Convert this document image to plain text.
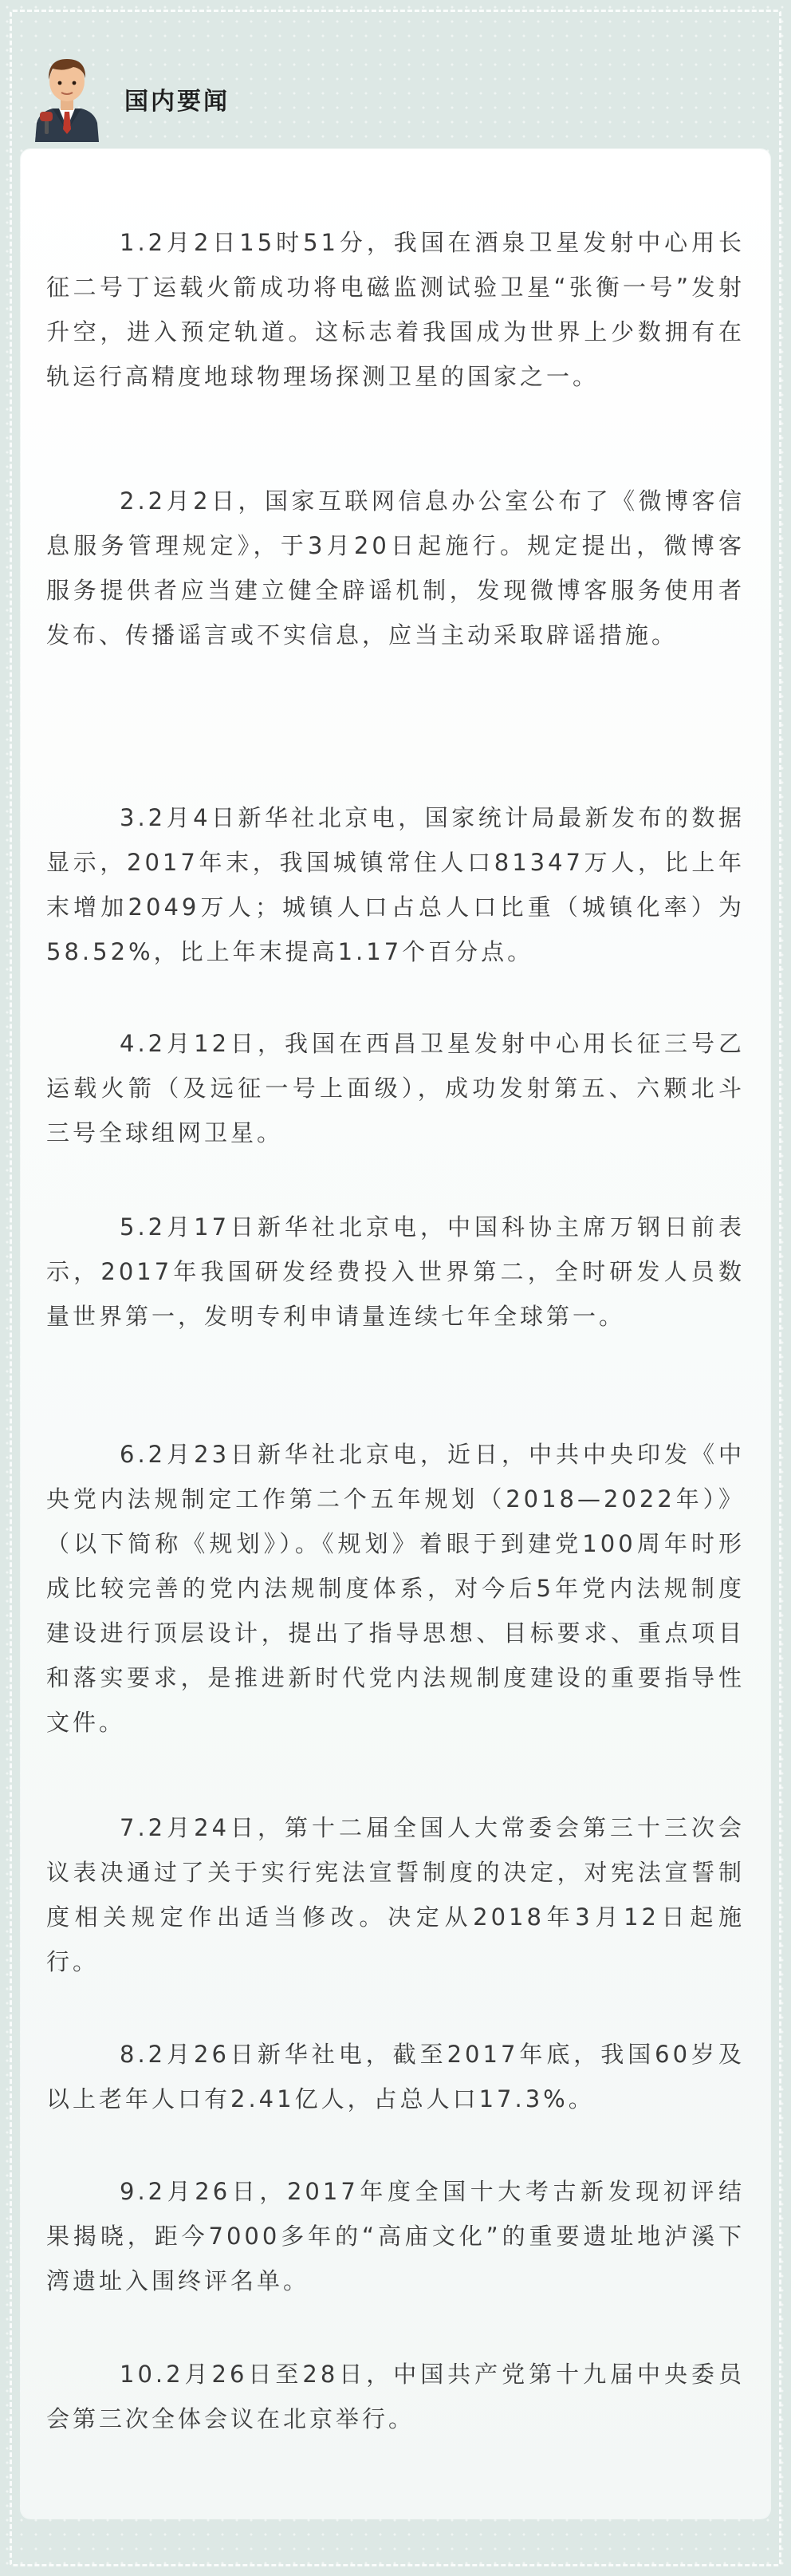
国内要闻

1.2月2日15时51分，我国在酒泉卫星发射中心用长征二号丁运载火箭成功将电磁监测试验卫星“张衡一号”发射升空，进入预定轨道。这标志着我国成为世界上少数拥有在轨运行高精度地球物理场探测卫星的国家之一。

2.2月2日，国家互联网信息办公室公布了《微博客信息服务管理规定》，于3月20日起施行。规定提出，微博客服务提供者应当建立健全辟谣机制，发现微博客服务使用者发布、传播谣言或不实信息，应当主动采取辟谣措施。

3.2月4日新华社北京电，国家统计局最新发布的数据显示，2017年末，我国城镇常住人口81347万人，比上年末增加2049万人；城镇人口占总人口比重（城镇化率）为58.52%，比上年末提高1.17个百分点。

4.2月12日，我国在西昌卫星发射中心用长征三号乙运载火箭（及远征一号上面级），成功发射第五、六颗北斗三号全球组网卫星。

5.2月17日新华社北京电，中国科协主席万钢日前表示，2017年我国研发经费投入世界第二，全时研发人员数量世界第一，发明专利申请量连续七年全球第一。

6.2月23日新华社北京电，近日，中共中央印发《中央党内法规制定工作第二个五年规划（2018—2022年）》（以下简称《规划》）。《规划》着眼于到建党100周年时形成比较完善的党内法规制度体系，对今后5年党内法规制度建设进行顶层设计，提出了指导思想、目标要求、重点项目和落实要求，是推进新时代党内法规制度建设的重要指导性文件。

7.2月24日，第十二届全国人大常委会第三十三次会议表决通过了关于实行宪法宣誓制度的决定，对宪法宣誓制度相关规定作出适当修改。决定从2018年3月12日起施行。

8.2月26日新华社电，截至2017年底，我国60岁及以上老年人口有2.41亿人，占总人口17.3%。

9.2月26日，2017年度全国十大考古新发现初评结果揭晓，距今7000多年的“高庙文化”的重要遗址地泸溪下湾遗址入围终评名单。

10.2月26日至28日，中国共产党第十九届中央委员会第三次全体会议在北京举行。
